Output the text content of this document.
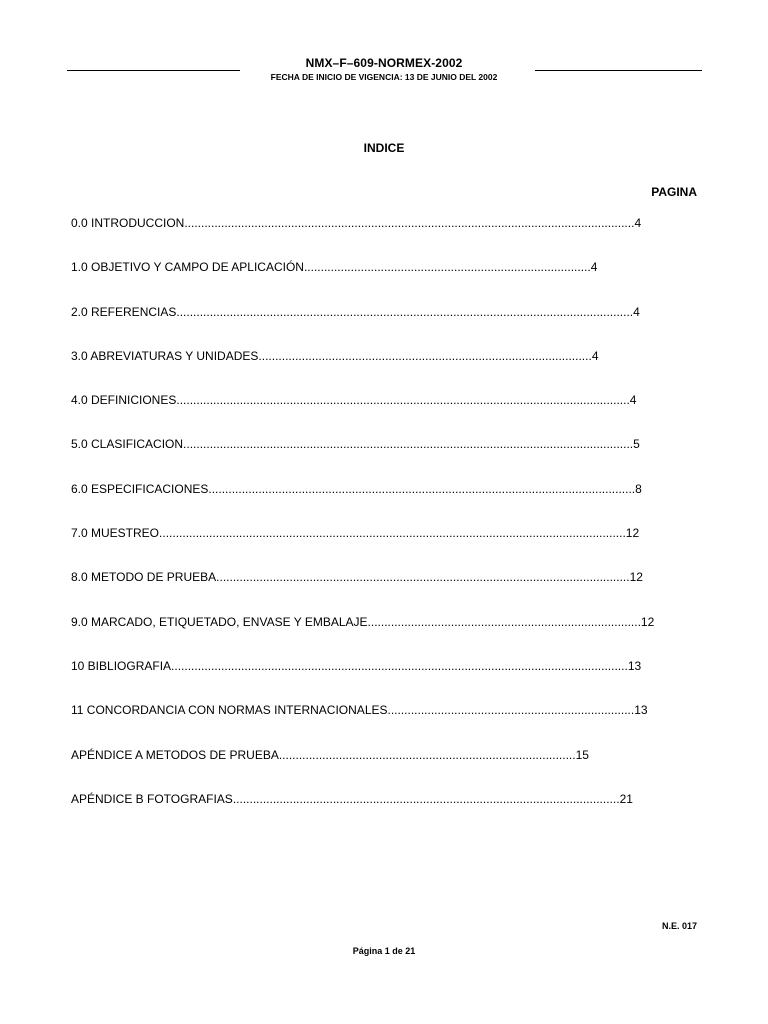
NMX–F–609-NORMEX-2002
FECHA DE INICIO DE VIGENCIA: 13 DE JUNIO DEL 2002
INDICE
PAGINA
0.0 INTRODUCCION.......................................................................................................................................4
1.0 OBJETIVO Y CAMPO DE APLICACIÓN......................................................................................4
2.0 REFERENCIAS.........................................................................................................................................4
3.0 ABREVIATURAS Y UNIDADES....................................................................................................4
4.0 DEFINICIONES........................................................................................................................................4
5.0 CLASIFICACION.......................................................................................................................................5
6.0 ESPECIFICACIONES................................................................................................................................8
7.0 MUESTREO............................................................................................................................................12
8.0 METODO DE PRUEBA............................................................................................................................12
9.0 MARCADO, ETIQUETADO, ENVASE Y EMBALAJE..................................................................................12
10 BIBLIOGRAFIA.........................................................................................................................................13
11 CONCORDANCIA CON NORMAS INTERNACIONALES..........................................................................13
APÉNDICE A METODOS DE PRUEBA.........................................................................................15
APÉNDICE B FOTOGRAFIAS....................................................................................................................21
N.E. 017
Página 1 de 21
